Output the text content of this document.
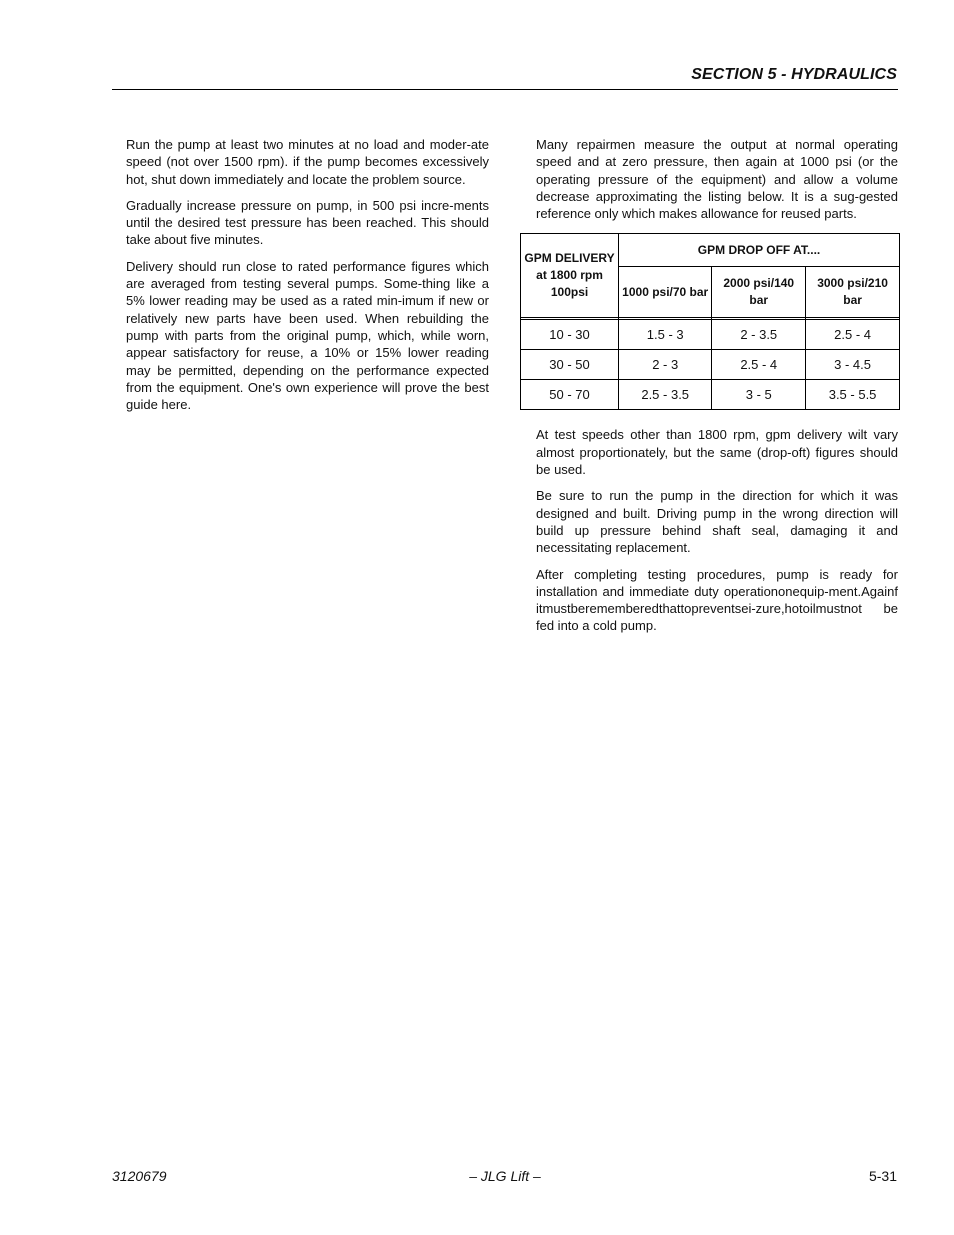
SECTION 5 - HYDRAULICS

Run the pump at least two minutes at no load and moder-ate speed (not over 1500 rpm). if the pump becomes excessively hot, shut down immediately and locate the problem source.

Gradually increase pressure on pump, in 500 psi incre-ments until the desired test pressure has been reached. This should take about five minutes.

Delivery should run close to rated performance figures which are averaged from testing several pumps. Some-thing like a 5% lower reading may be used as a rated min-imum if new or relatively new parts have been used. When rebuilding the pump with parts from the original pump, which, while worn, appear satisfactory for reuse, a 10% or 15% lower reading may be permitted, depending on the performance expected from the equipment. One's own experience will prove the best guide here.

Many repairmen measure the output at normal operating speed and at zero pressure, then again at 1000 psi (or the operating pressure of the equipment) and allow a volume decrease approximating the listing below. It is a sug-gested reference only which makes allowance for reused parts.

GPM DELIVERY at 1800 rpm 100psi	GPM DROP OFF AT....		
	1000 psi/70 bar	2000 psi/140 bar	3000 psi/210 bar

10 - 30	1.5 - 3	2 - 3.5	2.5 - 4
30 - 50	2 - 3	2.5 - 4	3 - 4.5
50 - 70	2.5 - 3.5	3 - 5	3.5 - 5.5

At test speeds other than 1800 rpm, gpm delivery wilt vary almost proportionately, but the same (drop-oft) figures should be used.

Be sure to run the pump in the direction for which it was designed and built. Driving pump in the wrong direction will build up pressure behind shaft seal, damaging it and necessitating replacement.

After completing testing procedures, pump is ready for installation and immediate duty operationonequip-ment.Againf itmustberememberedthattopreventsei-zure,hotoilmustnot be fed into a cold pump.

3120679	– JLG Lift –	5-31
